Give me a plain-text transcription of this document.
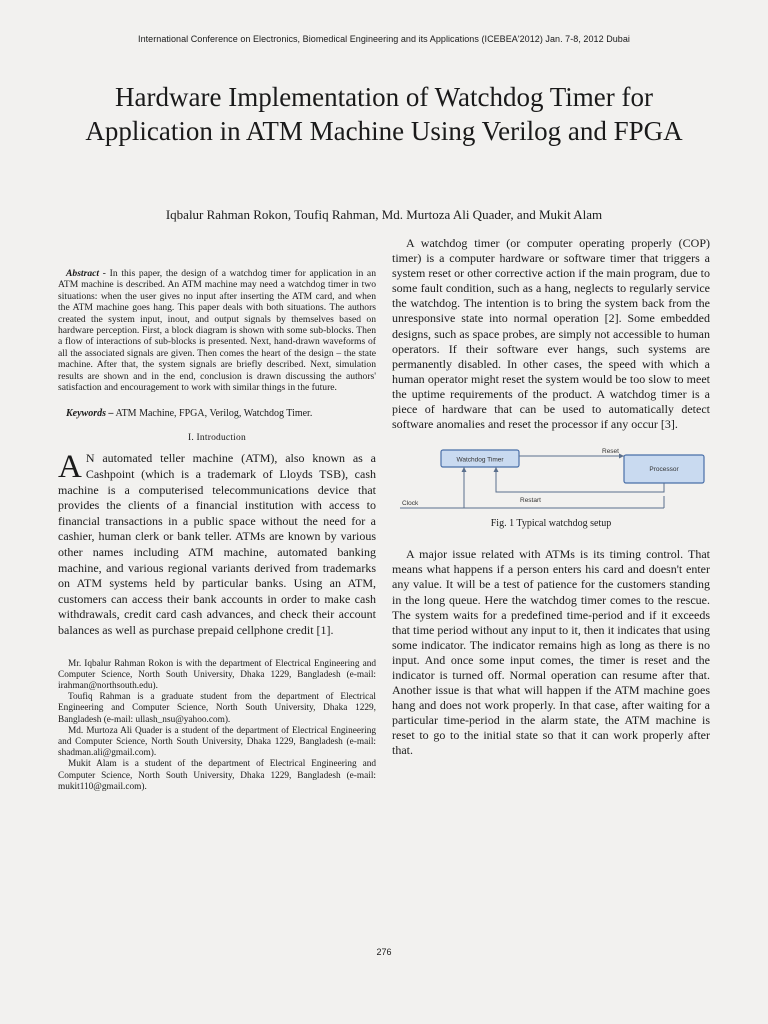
International Conference on Electronics, Biomedical Engineering and its Applications (ICEBEA'2012) Jan. 7-8, 2012 Dubai
Hardware Implementation of Watchdog Timer for Application in ATM Machine Using Verilog and FPGA
Iqbalur Rahman Rokon, Toufiq Rahman, Md. Murtoza Ali Quader, and Mukit Alam

Abstract - In this paper, the design of a watchdog timer for application in an ATM machine is described. An ATM machine may need a watchdog timer in two situations: when the user gives no input after inserting the ATM card, and when the ATM machine goes hang. This paper deals with both situations. The authors created the system input, inout, and output signals by themselves based on hardware perception. First, a block diagram is shown with some sub-blocks. Then a flow of interactions of sub-blocks is presented. Next, hand-drawn waveforms of all the associated signals are given. Then comes the heart of the design – the state machine. After that, the system signals are briefly described. Next, simulation results are shown and in the end, conclusion is drawn discussing the authors' satisfaction and encouragement to work with similar things in the future.

Keywords – ATM Machine, FPGA, Verilog, Watchdog Timer.

I. Introduction

A N automated teller machine (ATM), also known as a Cashpoint (which is a trademark of Lloyds TSB), cash machine is a computerised telecommunications device that provides the clients of a financial institution with access to financial transactions in a public space without the need for a cashier, human clerk or bank teller. ATMs are known by various other names including ATM machine, automated banking machine, and various regional variants derived from trademarks on ATM systems held by particular banks. Using an ATM, customers can access their bank accounts in order to make cash withdrawals, credit card cash advances, and check their account balances as well as purchase prepaid cellphone credit [1].

Mr. Iqbalur Rahman Rokon is with the department of Electrical Engineering and Computer Science, North South University, Dhaka 1229, Bangladesh (e-mail: irahman@northsouth.edu).

Toufiq Rahman is a graduate student from the department of Electrical Engineering and Computer Science, North South University, Dhaka 1229, Bangladesh (e-mail: ullash_nsu@yahoo.com).

Md. Murtoza Ali Quader is a student of the department of Electrical Engineering and Computer Science, North South University, Dhaka 1229, Bangladesh (e-mail: shadman.ali@gmail.com).

Mukit Alam is a student of the department of Electrical Engineering and Computer Science, North South University, Dhaka 1229, Bangladesh (e-mail: mukit110@gmail.com).

A watchdog timer (or computer operating properly (COP) timer) is a computer hardware or software timer that triggers a system reset or other corrective action if the main program, due to some fault condition, such as a hang, neglects to regularly service the watchdog. The intention is to bring the system back from the unresponsive state into normal operation [2]. Some embedded designs, such as space probes, are simply not accessible to human operators. If their software ever hangs, such systems are permanently disabled. In other cases, the speed with which a human operator might reset the system would be too slow to meet the uptime requirements of the product. A watchdog timer is a piece of hardware that can be used to automatically detect software anomalies and reset the processor if any occur [3].

Watchdog Timer
Processor
Reset
Restart
Clock
Fig. 1 Typical watchdog setup

A major issue related with ATMs is its timing control. That means what happens if a person enters his card and doesn't enter any value. It will be a test of patience for the customers standing in the long queue. Here the watchdog timer comes to the rescue. The system waits for a predefined time-period and if it exceeds that time period without any input to it, then it indicates that using some indicator. The indicator remains high as long as there is no input. And once some input comes, the timer is reset and the indicator is turned off. Normal operation can resume after that. Another issue is that what will happen if the ATM machine goes hang and does not work properly. In that case, after waiting for a particular time-period in the alarm state, the ATM machine is reset to go to the initial state so that it can work properly after that.

276
